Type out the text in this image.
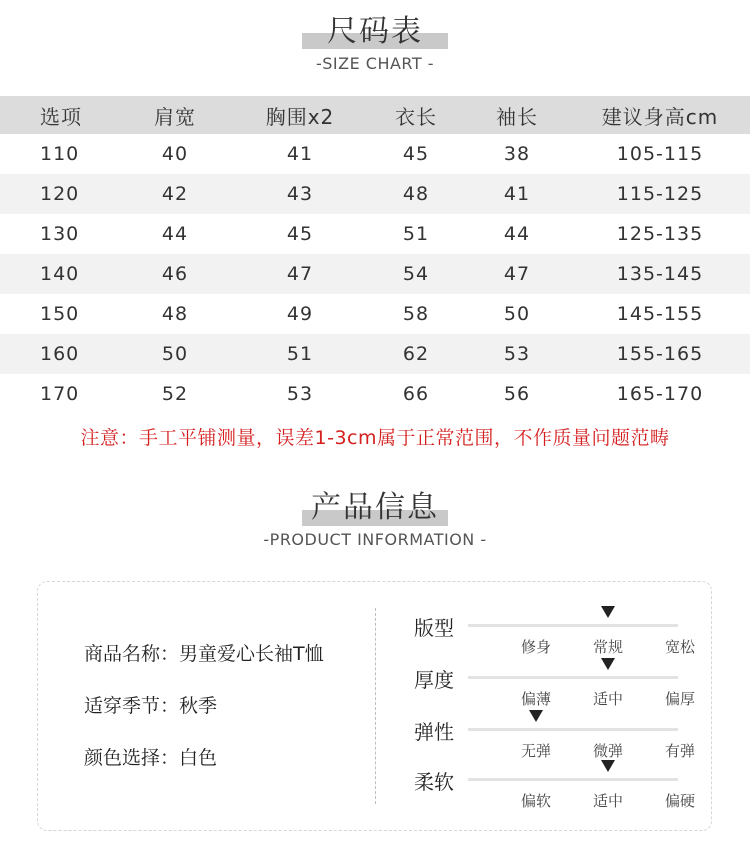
尺码表
-SIZE CHART -
选项	肩宽	胸围x2	衣长	袖长	建议身高cm
110	40	41	45	38	105-115
120	42	43	48	41	115-125
130	44	45	51	44	125-135
140	46	47	54	47	135-145
150	48	49	58	50	145-155
160	50	51	62	53	155-165
170	52	53	66	56	165-170
注意：手工平铺测量，误差1-3cm属于正常范围，不作质量问题范畴
产品信息
-PRODUCT INFORMATION -
商品名称：男童爱心长袖T恤
适穿季节：秋季
颜色选择：白色
版型
修身	常规	宽松
厚度
偏薄	适中	偏厚
弹性
无弹	微弹	有弹
柔软
偏软	适中	偏硬
